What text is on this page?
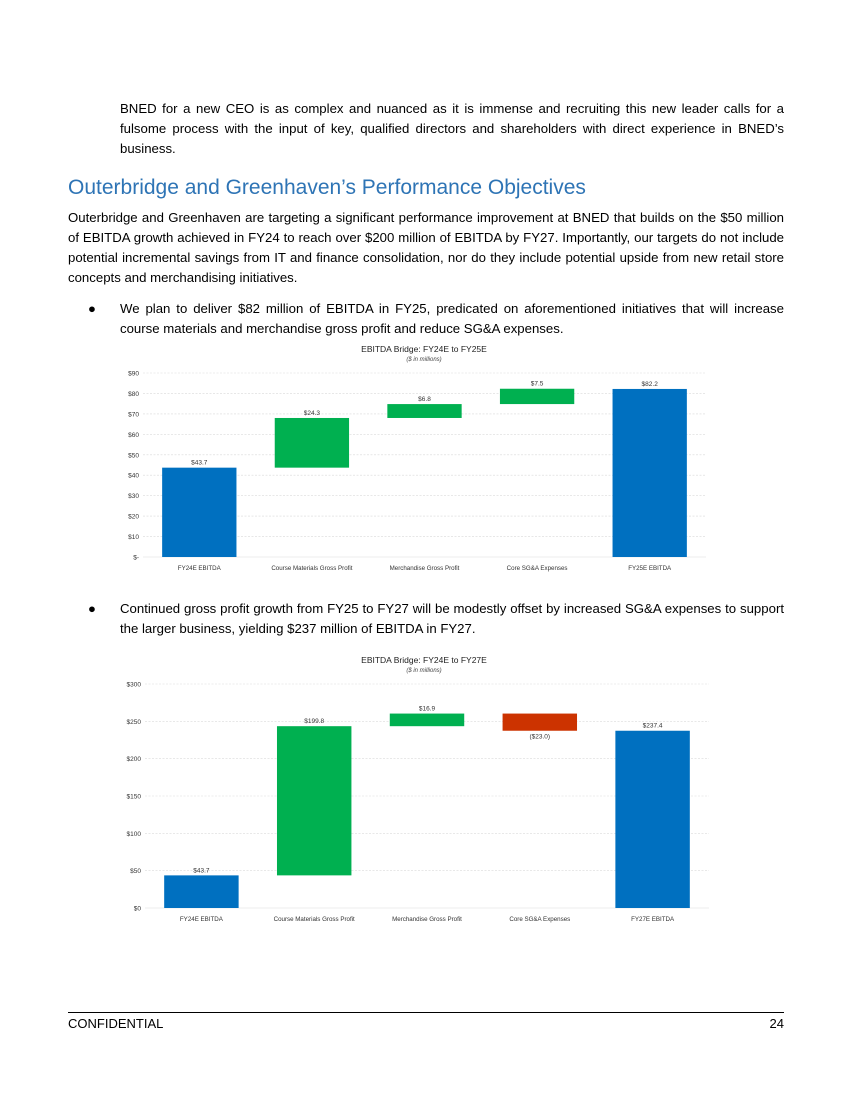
BNED for a new CEO is as complex and nuanced as it is immense and recruiting this new leader calls for a fulsome process with the input of key, qualified directors and shareholders with direct experience in BNED’s business.

Outerbridge and Greenhaven’s Performance Objectives

Outerbridge and Greenhaven are targeting a significant performance improvement at BNED that builds on the $50 million of EBITDA growth achieved in FY24 to reach over $200 million of EBITDA by FY27. Importantly, our targets do not include potential incremental savings from IT and finance consolidation, nor do they include potential upside from new retail store concepts and merchandising initiatives.

● We plan to deliver $82 million of EBITDA in FY25, predicated on aforementioned initiatives that will increase course materials and merchandise gross profit and reduce SG&A expenses.
EBITDA Bridge: FY24E to FY25E
($ in millions)
$-
$10
$20
$30
$40
$50
$60
$70
$80
$90
$43.7
FY24E EBITDA
$24.3
Course Materials Gross Profit
$6.8
Merchandise Gross Profit
$7.5
Core SG&A Expenses
$82.2
FY25E EBITDA
● Continued gross profit growth from FY25 to FY27 will be modestly offset by increased SG&A expenses to support the larger business, yielding $237 million of EBITDA in FY27.
EBITDA Bridge: FY24E to FY27E
($ in millions)
$0
$50
$100
$150
$200
$250
$300
$43.7
FY24E EBITDA
$199.8
Course Materials Gross Profit
$16.9
Merchandise Gross Profit
($23.0)
Core SG&A Expenses
$237.4
FY27E EBITDA
CONFIDENTIAL	24
